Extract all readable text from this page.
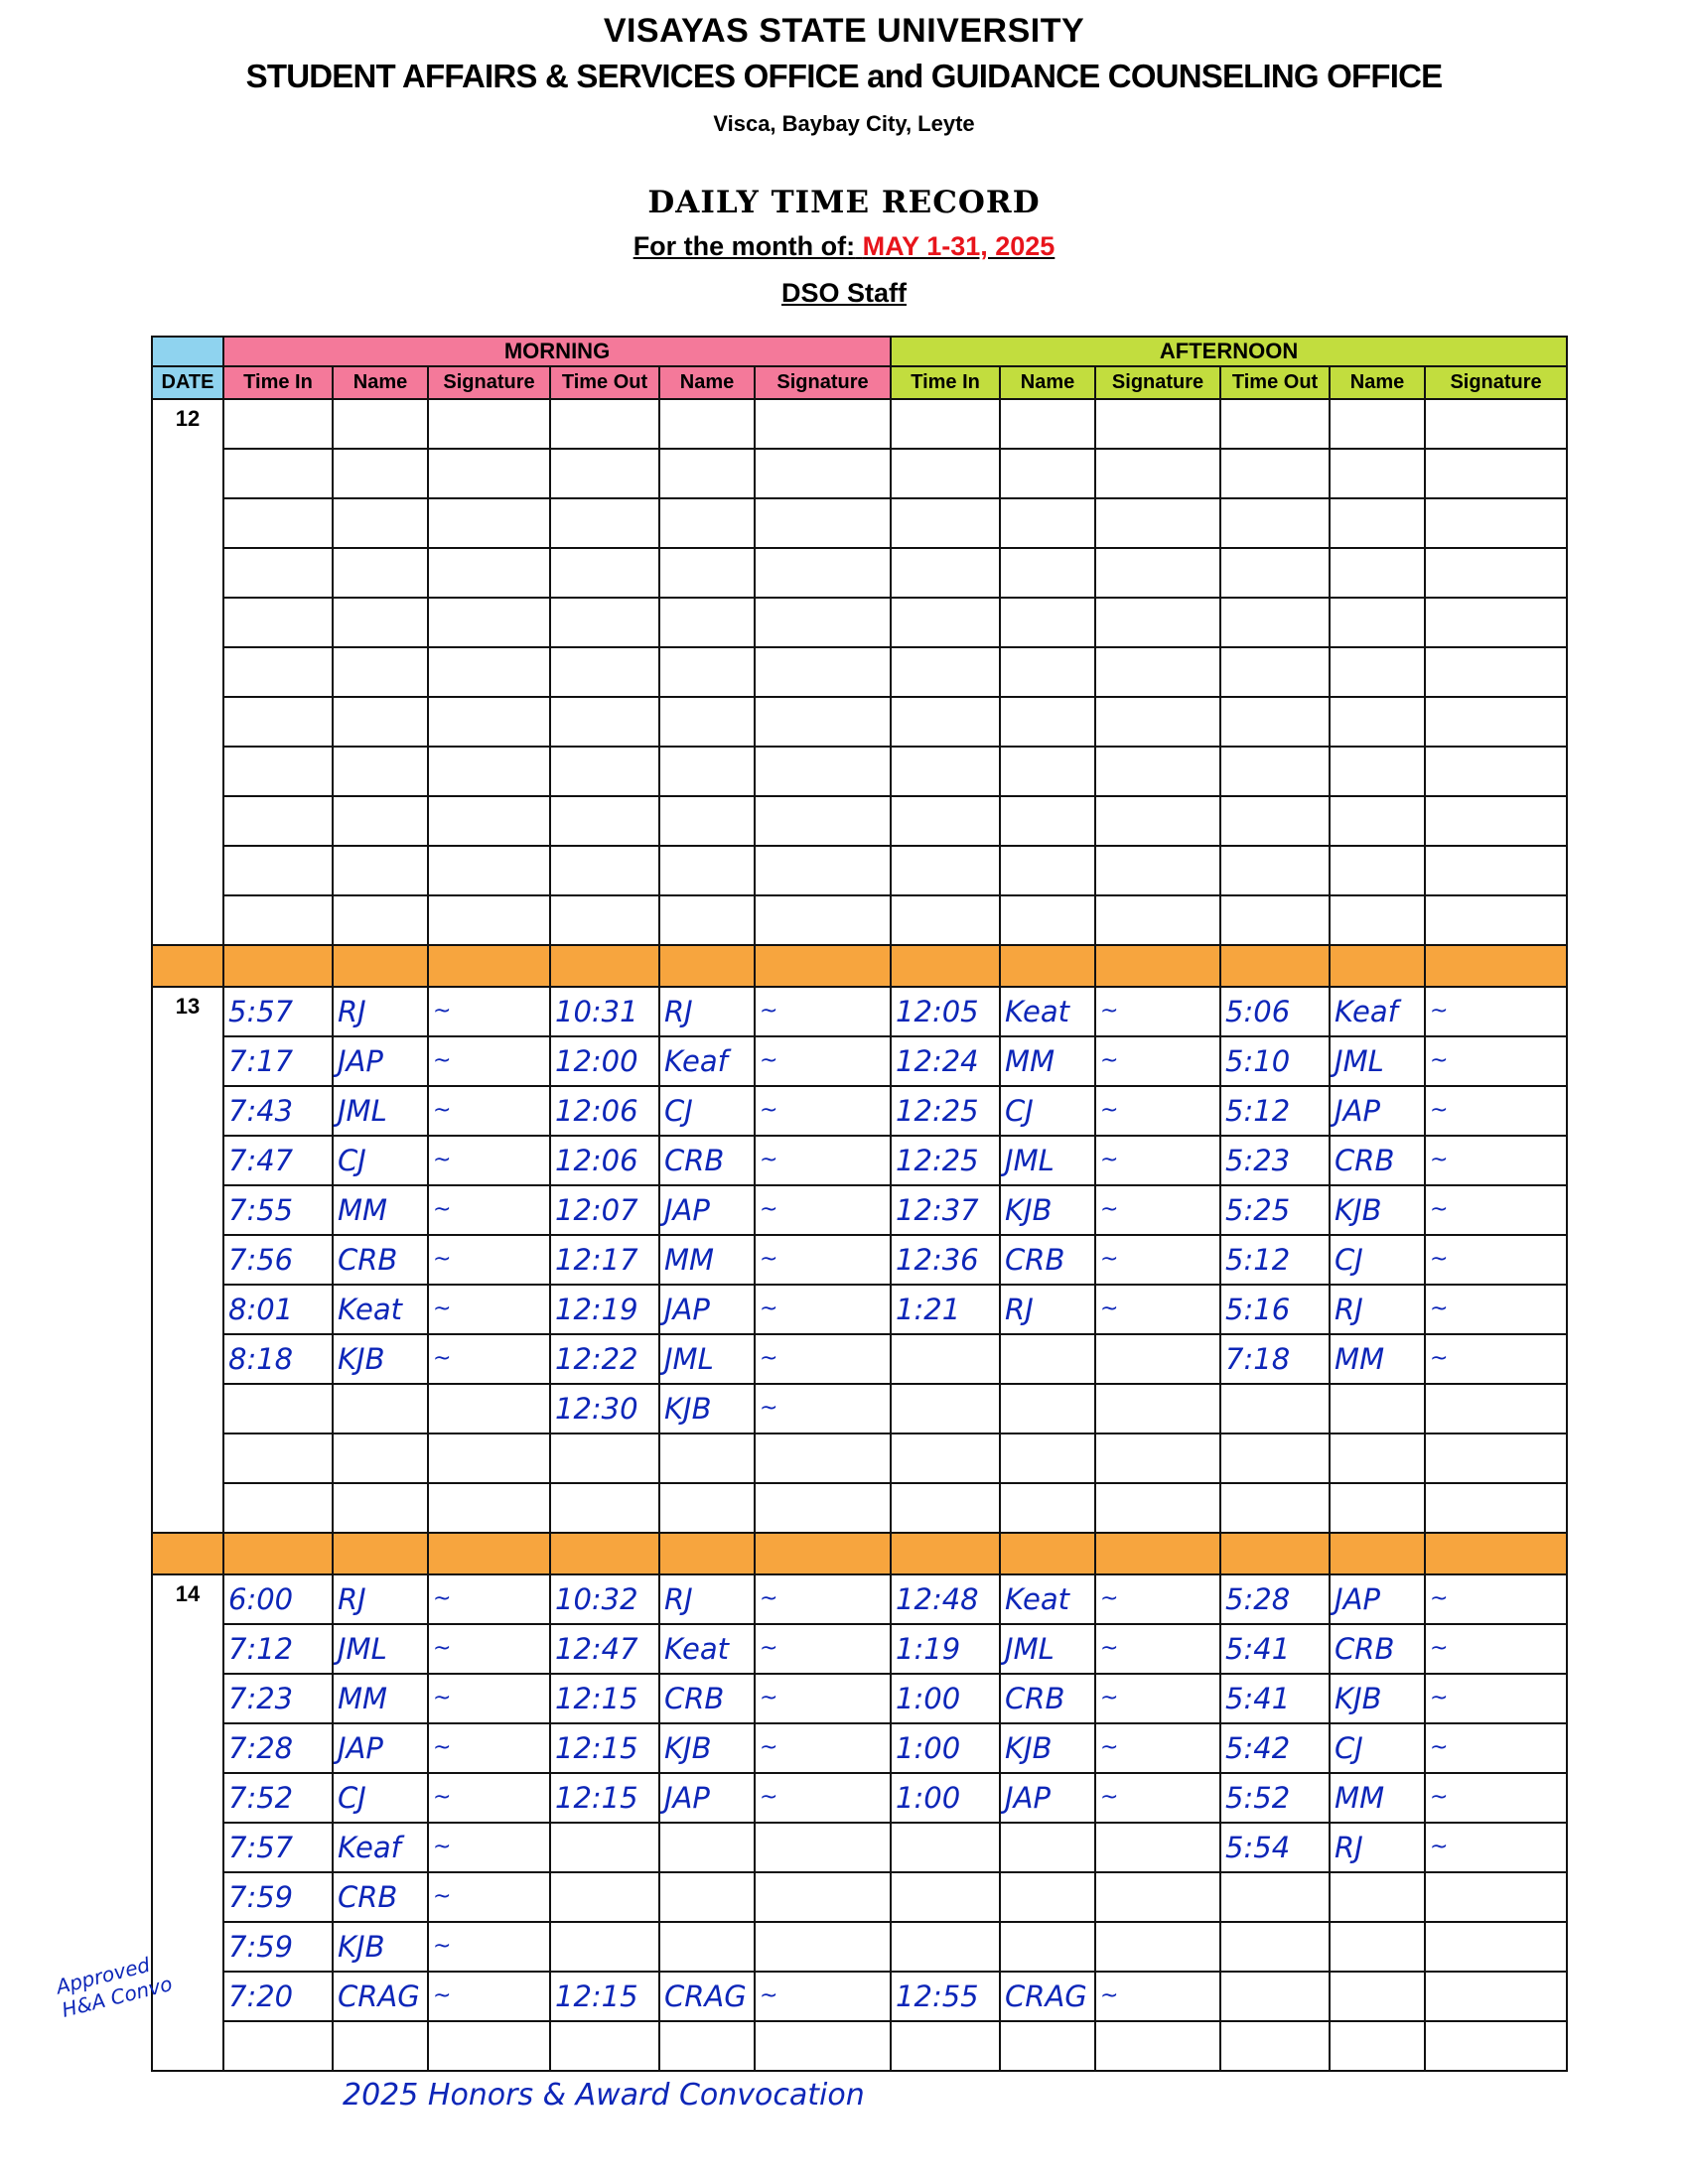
VISAYAS STATE UNIVERSITY
STUDENT AFFAIRS & SERVICES OFFICE and GUIDANCE COUNSELING OFFICE
Visca, Baybay City, Leyte
DAILY TIME RECORD
For the month of: MAY 1-31, 2025
DSO Staff
	MORNING						AFTERNOON					
DATE	Time In	Name	Signature	Time Out	Name	Signature	Time In	Name	Signature	Time Out	Name	Signature
12												

13	5:57	RJ	~	10:31	RJ	~	12:05	Keat	~	5:06	Keaf	~
	7:17	JAP	~	12:00	Keaf	~	12:24	MM	~	5:10	JML	~
	7:43	JML	~	12:06	CJ	~	12:25	CJ	~	5:12	JAP	~
	7:47	CJ	~	12:06	CRB	~	12:25	JML	~	5:23	CRB	~
	7:55	MM	~	12:07	JAP	~	12:37	KJB	~	5:25	KJB	~
	7:56	CRB	~	12:17	MM	~	12:36	CRB	~	5:12	CJ	~
	8:01	Keat	~	12:19	JAP	~	1:21	RJ	~	5:16	RJ	~
	8:18	KJB	~	12:22	JML	~				7:18	MM	~
				12:30	KJB	~						

14	6:00	RJ	~	10:32	RJ	~	12:48	Keat	~	5:28	JAP	~
	7:12	JML	~	12:47	Keat	~	1:19	JML	~	5:41	CRB	~
	7:23	MM	~	12:15	CRB	~	1:00	CRB	~	5:41	KJB	~
	7:28	JAP	~	12:15	KJB	~	1:00	KJB	~	5:42	CJ	~
	7:52	CJ	~	12:15	JAP	~	1:00	JAP	~	5:52	MM	~
	7:57	Keaf	~							5:54	RJ	~
	7:59	CRB	~									
	7:59	KJB	~									
	7:20	CRAG	~	12:15	CRAG	~	12:55	CRAG	~			

Approved H&A Convo
2025 Honors & Award Convocation
